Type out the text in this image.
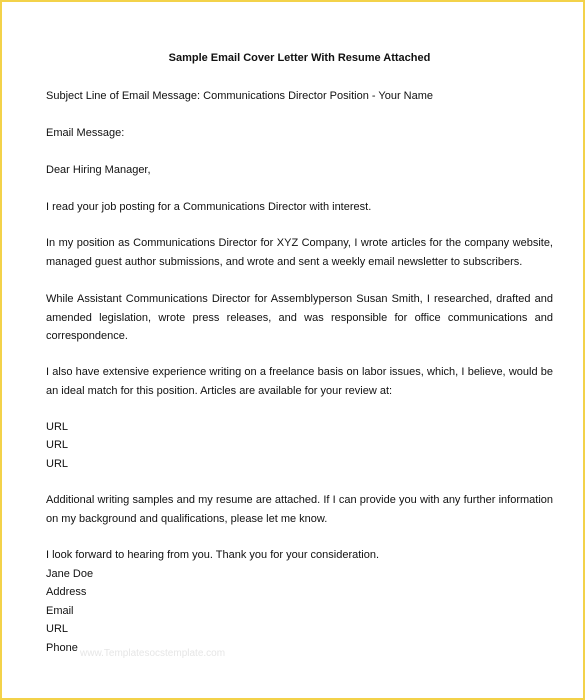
Sample Email Cover Letter With Resume Attached
Subject Line of Email Message: Communications Director Position - Your Name
Email Message:
Dear Hiring Manager,
I read your job posting for a Communications Director with interest.
In my position as Communications Director for XYZ Company, I wrote articles for the company website, managed guest author submissions, and wrote and sent a weekly email newsletter to subscribers.
While Assistant Communications Director for Assemblyperson Susan Smith, I researched, drafted and amended legislation, wrote press releases, and was responsible for office communications and correspondence.
I also have extensive experience writing on a freelance basis on labor issues, which, I believe, would be an ideal match for this position. Articles are available for your review at:
URL
URL
URL
Additional writing samples and my resume are attached. If I can provide you with any further information on my background and qualifications, please let me know.
I look forward to hearing from you. Thank you for your consideration.
Jane Doe
Address
Email
URL
Phone www.Templatesocstemplate.com
